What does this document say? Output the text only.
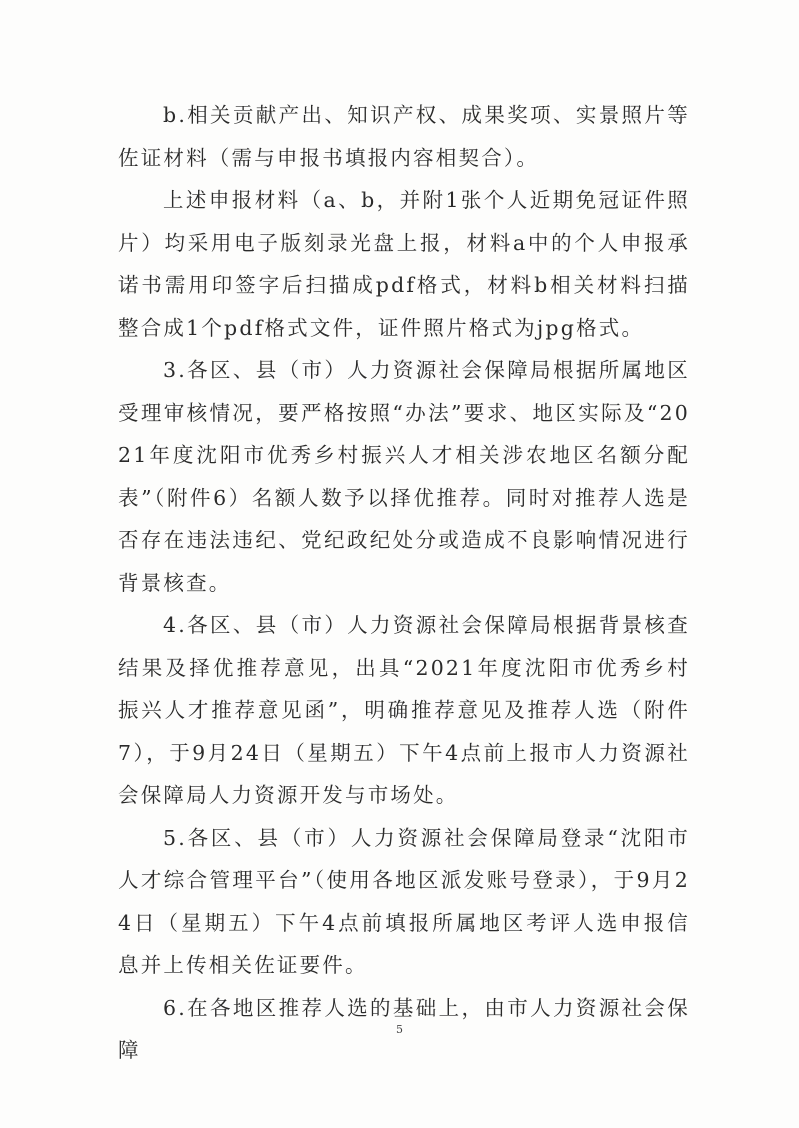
b.相关贡献产出、知识产权、成果奖项、实景照片等佐证材料（需与申报书填报内容相契合）。

上述申报材料（a、b，并附1张个人近期免冠证件照片）均采用电子版刻录光盘上报，材料a中的个人申报承诺书需用印签字后扫描成pdf格式，材料b相关材料扫描整合成1个pdf格式文件，证件照片格式为jpg格式。

3.各区、县（市）人力资源社会保障局根据所属地区受理审核情况，要严格按照“办法”要求、地区实际及“2021年度沈阳市优秀乡村振兴人才相关涉农地区名额分配表”（附件6）名额人数予以择优推荐。同时对推荐人选是否存在违法违纪、党纪政纪处分或造成不良影响情况进行背景核查。

4.各区、县（市）人力资源社会保障局根据背景核查结果及择优推荐意见，出具“2021年度沈阳市优秀乡村振兴人才推荐意见函”，明确推荐意见及推荐人选（附件7），于9月24日（星期五）下午4点前上报市人力资源社会保障局人力资源开发与市场处。

5.各区、县（市）人力资源社会保障局登录“沈阳市人才综合管理平台”（使用各地区派发账号登录），于9月24日（星期五）下午4点前填报所属地区考评人选申报信息并上传相关佐证要件。

6.在各地区推荐人选的基础上，由市人力资源社会保障

5
